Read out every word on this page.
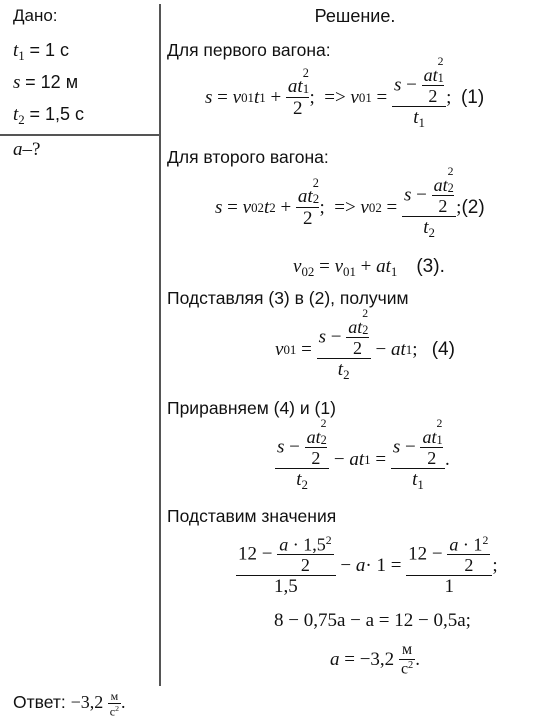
Дано:
$t_1 = 1$ с
s = 12 м
$t_2 = 1,5$ с
a–?
Решение.
Для первого вагона:
s = v 01 t 1 + at
2
1
2 ;  => v 01 = s − at
2
1
2
$t_1$ ; (1)
Для второго вагона:
s = v 02 t 2 + at
2
2
2 ;  => v 02 = s − at
2
2
2
$t_2$ ; (2)
$v_{02} = v_{01} + at_1$ (3).
Подставляя (3) в (2), получим
v 01 = s − at
2
2
2
$t_2$ − at 1 ; (4)
Приравняем (4) и (1)
s − at
2
2
2
$t_2$ − at 1 = s − at
2
1
2
$t_1$ .
Подставим значения
$\frac{12 - \frac{a \cdot 1,5^2}{2}}{1,5} - a \cdot 1 = \frac{12 - \frac{a \cdot 1^2}{2}}{1}$ ;
8 − 0,75a − a = 12 − 0,5a;
a
= −3,2
$\frac{м}{с^2}$ .
Ответ: $-3,2 \frac{м}{с^2}$ .
